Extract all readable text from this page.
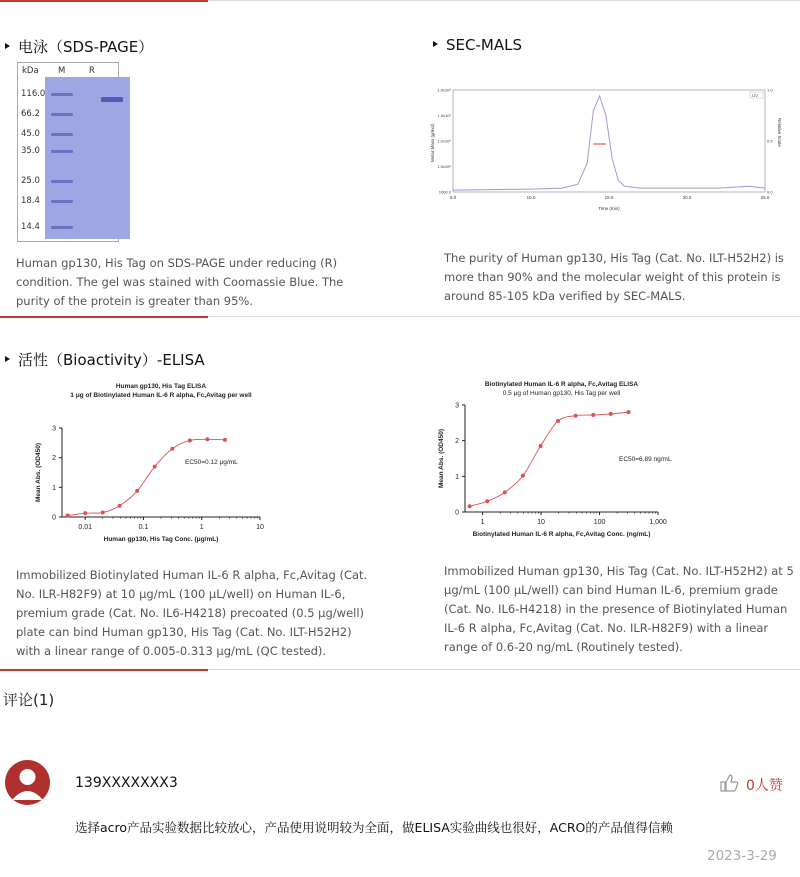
电泳（SDS-PAGE）
kDa M	R
116.0
66.2
45.0
35.0
25.0
18.4
14.4
Human gp130, His Tag on SDS-PAGE under reducing (R)
condition. The gel was stained with Coomassie Blue. The
purity of the protein is greater than 95%.
SEC-MALS
UV
Molar Mass (g/mol)	Relative Scale
Time (min)
5.0	10.0	15.0	20.0	25.0
1000.0
1.0x10⁵
1.0x10⁶
1.0x10⁷
1.0x10⁸
0.0
0.5
1.0
The purity of Human gp130, His Tag (Cat. No. ILT-H52H2) is
more than 90% and the molecular weight of this protein is
around 85-105 kDa verified by SEC-MALS.
活性（Bioactivity）-ELISA
Human gp130, His Tag ELISA
1 μg of Biotinylated Human IL-6 R alpha, Fc,Avitag per well
0
1
2
3
0.01	0.1	1	10
Human gp130, His Tag Conc. (μg/mL)
Mean Abs. (OD450)	EC50=0.12 μg/mL
Biotinylated Human IL-6 R alpha, Fc,Avitag ELISA
0.5 μg of Human gp130, His Tag per well
0
1
2
3
1	10	100	1,000
Biotinylated Human IL-6 R alpha, Fc,Avitag Conc. (ng/mL)
Mean Abs. (OD450)	EC50=6.89 ng/mL
Immobilized Biotinylated Human IL-6 R alpha, Fc,Avitag (Cat.
No. ILR-H82F9) at 10 μg/mL (100 μL/well) on Human IL-6,
premium grade (Cat. No. IL6-H4218) precoated (0.5 μg/well)
plate can bind Human gp130, His Tag (Cat. No. ILT-H52H2)
with a linear range of 0.005-0.313 μg/mL (QC tested).
Immobilized Human gp130, His Tag (Cat. No. ILT-H52H2) at 5
μg/mL (100 μL/well) can bind Human IL-6, premium grade
(Cat. No. IL6-H4218) in the presence of Biotinylated Human
IL-6 R alpha, Fc,Avitag (Cat. No. ILR-H82F9) with a linear
range of 0.6-20 ng/mL (Routinely tested).
评论(1)
139XXXXXXX3	0人赞
选择acro产品实验数据比较放心，产品使用说明较为全面，做ELISA实验曲线也很好，ACRO的产品值得信赖
2023-3-29
